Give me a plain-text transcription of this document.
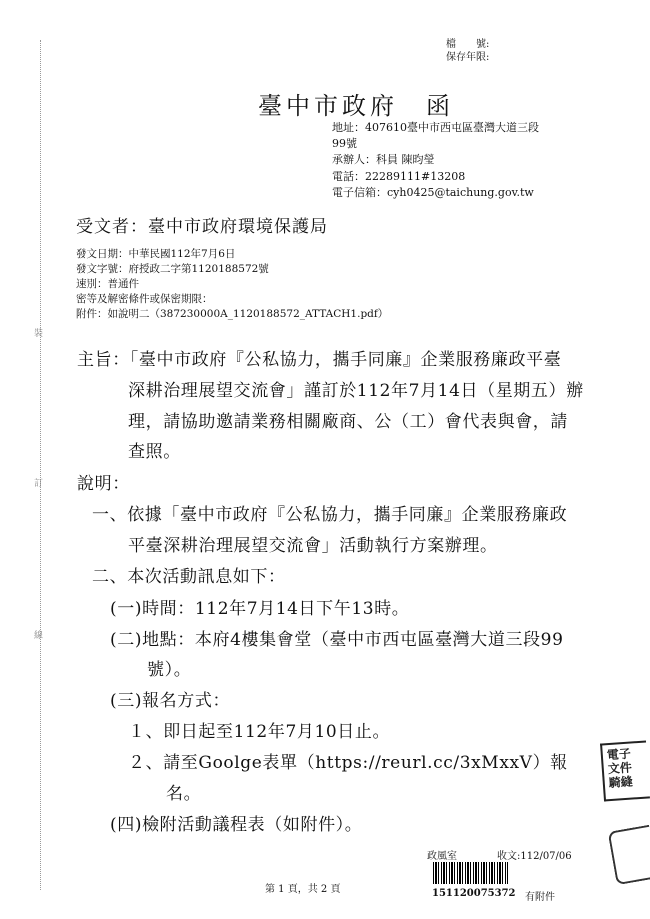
裝
訂
線
檔　　號:
保存年限:
臺中市政府　函
地址：407610臺中市西屯區臺灣大道三段
99號
承辦人：科員 陳昀瑩
電話：22289111#13208
電子信箱：cyh0425@taichung.gov.tw
受文者：臺中市政府環境保護局
發文日期：中華民國112年7月6日
發文字號：府授政二字第1120188572號
速別：普通件
密等及解密條件或保密期限：
附件：如說明二（387230000A_1120188572_ATTACH1.pdf）
主旨：「臺中市政府『公私協力，攜手同廉』企業服務廉政平臺
深耕治理展望交流會」謹訂於112年7月14日（星期五）辦
理，請協助邀請業務相關廠商、公（工）會代表與會，請
查照。
說明：
一、依據「臺中市政府『公私協力，攜手同廉』企業服務廉政
平臺深耕治理展望交流會」活動執行方案辦理。
二、本次活動訊息如下：
(一)時間：112年7月14日下午13時。
(二)地點：本府4樓集會堂（臺中市西屯區臺灣大道三段99
號）。
(三)報名方式：
１、即日起至112年7月10日止。
２、請至Goolge表單（https://reurl.cc/3xMxxV）報
名。
(四)檢附活動議程表（如附件）。
政風室	收文:112/07/06
第 1 頁，共 2 頁	151120075372 有附件
電子
文件
騎縫
